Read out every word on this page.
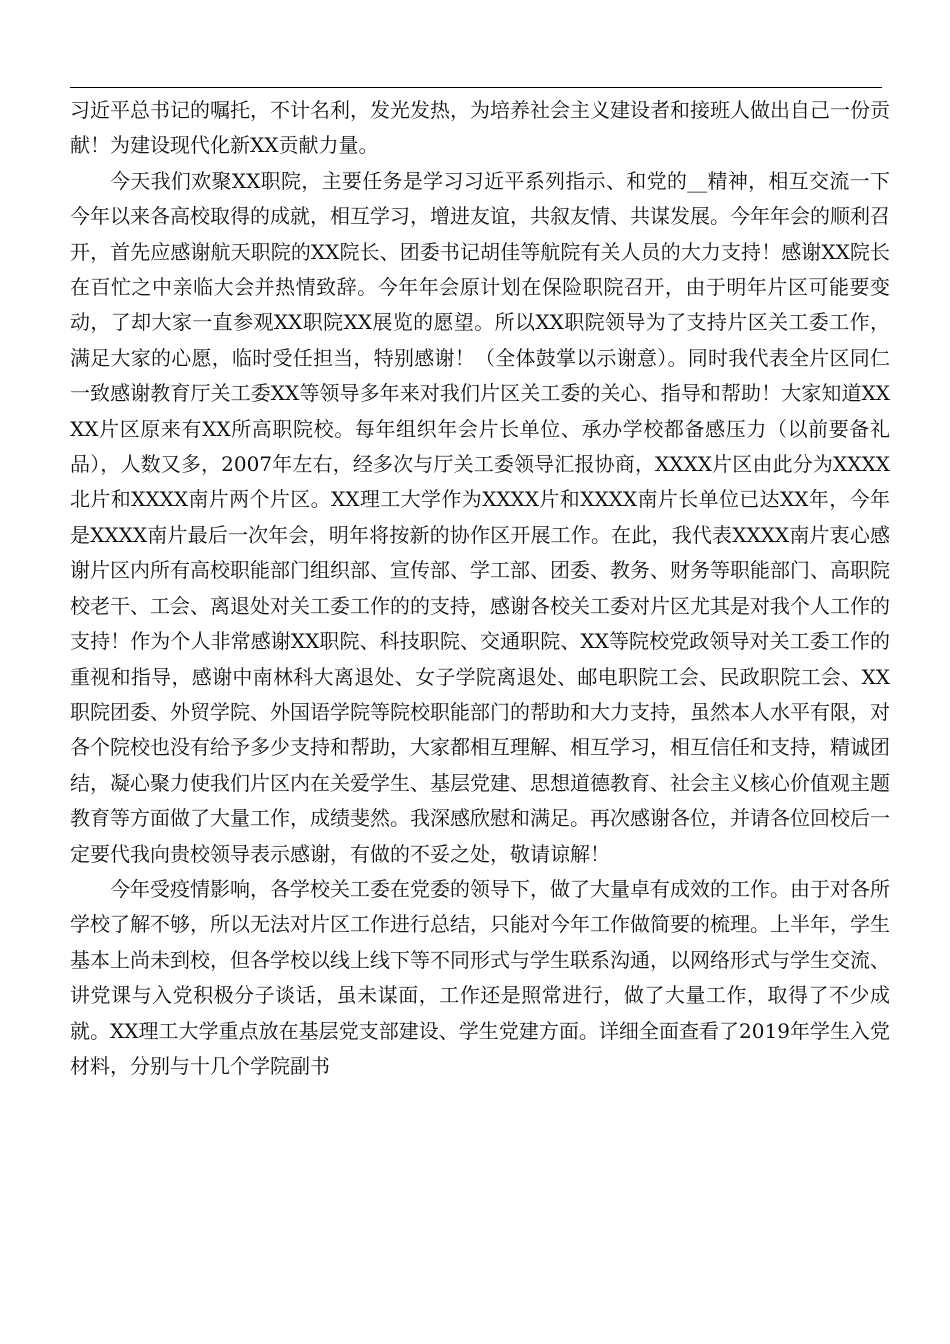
习近平总书记的嘱托，不计名利，发光发热，为培养社会主义建设者和接班人做出自己一份贡献！为建设现代化新XX贡献力量。

今天我们欢聚XX职院，主要任务是学习习近平系列指示、和党的__精神，相互交流一下今年以来各高校取得的成就，相互学习，增进友谊，共叙友情、共谋发展。今年年会的顺利召开，首先应感谢航天职院的XX院长、团委书记胡佳等航院有关人员的大力支持！感谢XX院长在百忙之中亲临大会并热情致辞。今年年会原计划在保险职院召开，由于明年片区可能要变动，了却大家一直参观XX职院XX展览的愿望。所以XX职院领导为了支持片区关工委工作，满足大家的心愿，临时受任担当，特别感谢！（全体鼓掌以示谢意）。同时我代表全片区同仁一致感谢教育厅关工委XX等领导多年来对我们片区关工委的关心、指导和帮助！大家知道XXXX片区原来有XX所高职院校。每年组织年会片长单位、承办学校都备感压力（以前要备礼品），人数又多，2007年左右，经多次与厅关工委领导汇报协商，XXXX片区由此分为XXXX北片和XXXX南片两个片区。XX理工大学作为XXXX片和XXXX南片长单位已达XX年，今年是XXXX南片最后一次年会，明年将按新的协作区开展工作。在此，我代表XXXX南片衷心感谢片区内所有高校职能部门组织部、宣传部、学工部、团委、教务、财务等职能部门、高职院校老干、工会、离退处对关工委工作的的支持，感谢各校关工委对片区尤其是对我个人工作的支持！作为个人非常感谢XX职院、科技职院、交通职院、XX等院校党政领导对关工委工作的重视和指导，感谢中南林科大离退处、女子学院离退处、邮电职院工会、民政职院工会、XX职院团委、外贸学院、外国语学院等院校职能部门的帮助和大力支持，虽然本人水平有限，对各个院校也没有给予多少支持和帮助，大家都相互理解、相互学习，相互信任和支持，精诚团结，凝心聚力使我们片区内在关爱学生、基层党建、思想道德教育、社会主义核心价值观主题教育等方面做了大量工作，成绩斐然。我深感欣慰和满足。再次感谢各位，并请各位回校后一定要代我向贵校领导表示感谢，有做的不妥之处，敬请谅解！

今年受疫情影响，各学校关工委在党委的领导下，做了大量卓有成效的工作。由于对各所学校了解不够，所以无法对片区工作进行总结，只能对今年工作做简要的梳理。上半年，学生基本上尚未到校，但各学校以线上线下等不同形式与学生联系沟通，以网络形式与学生交流、讲党课与入党积极分子谈话，虽未谋面，工作还是照常进行，做了大量工作，取得了不少成就。XX理工大学重点放在基层党支部建设、学生党建方面。详细全面查看了2019年学生入党材料，分别与十几个学院副书
